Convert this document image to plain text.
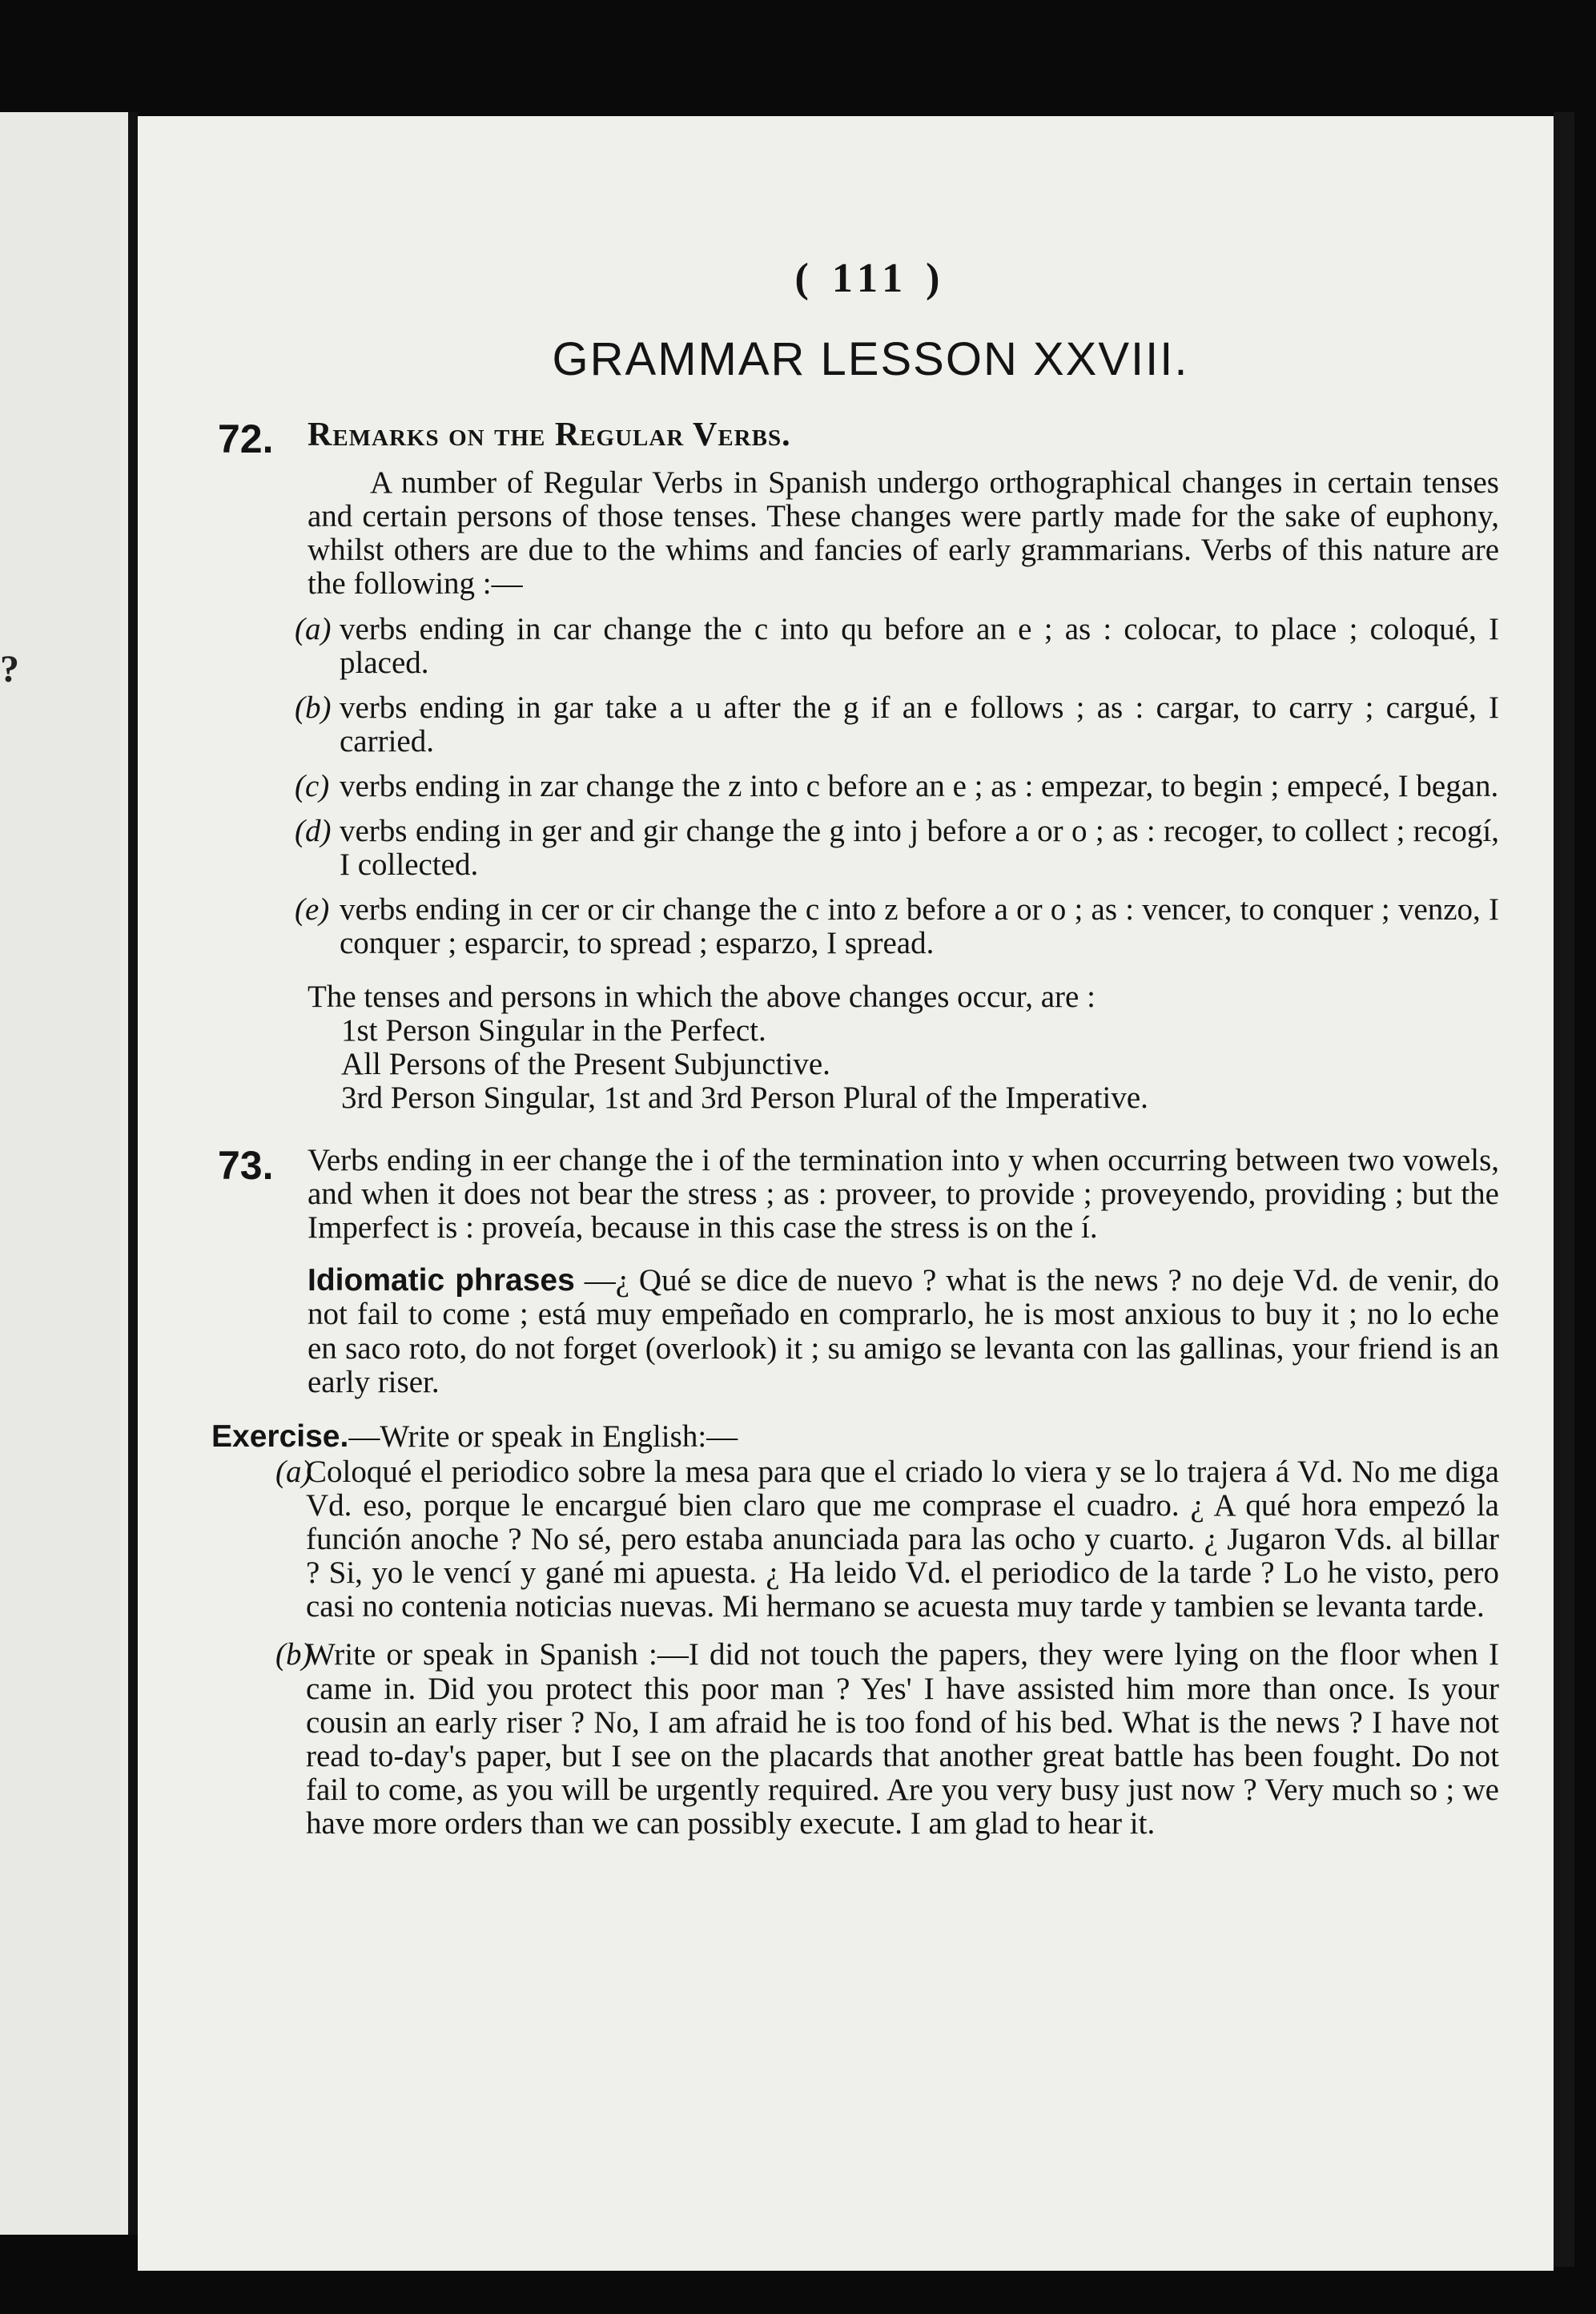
?
( 111 )
GRAMMAR LESSON XXVIII.
72. Remarks on the Regular Verbs.

A number of Regular Verbs in Spanish undergo orthographical changes in certain tenses and certain persons of those tenses. These changes were partly made for the sake of euphony, whilst others are due to the whims and fancies of early grammarians. Verbs of this nature are the following :—

(a) verbs ending in car change the c into qu before an e ; as : colocar, to place ; coloqué, I placed.
(b) verbs ending in gar take a u after the g if an e follows ; as : cargar, to carry ; cargué, I carried.
(c) verbs ending in zar change the z into c before an e ; as : empezar, to begin ; empecé, I began.
(d) verbs ending in ger and gir change the g into j before a or o ; as : recoger, to collect ; recogí, I collected.
(e) verbs ending in cer or cir change the c into z before a or o ; as : vencer, to conquer ; venzo, I conquer ; esparcir, to spread ; esparzo, I spread.

The tenses and persons in which the above changes occur, are :

1st Person Singular in the Perfect.
All Persons of the Present Subjunctive.
3rd Person Singular, 1st and 3rd Person Plural of the Imperative.
73. Verbs ending in eer change the i of the termination into y when occurring between two vowels, and when it does not bear the stress ; as : proveer, to provide ; proveyendo, providing ; but the Imperfect is : proveía, because in this case the stress is on the í.

Idiomatic phrases —¿ Qué se dice de nuevo ? what is the news ? no deje Vd. de venir, do not fail to come ; está muy empeñado en comprarlo, he is most anxious to buy it ; no lo eche en saco roto, do not forget (overlook) it ; su amigo se levanta con las gallinas, your friend is an early riser.

Exercise.—Write or speak in English:—
(a)

Coloqué el periodico sobre la mesa para que el criado lo viera y se lo trajera á Vd. No me diga Vd. eso, porque le encargué bien claro que me comprase el cuadro. ¿ A qué hora empezó la función anoche ? No sé, pero estaba anunciada para las ocho y cuarto. ¿ Jugaron Vds. al billar ? Si, yo le vencí y gané mi apuesta. ¿ Ha leido Vd. el periodico de la tarde ? Lo he visto, pero casi no contenia noticias nuevas. Mi hermano se acuesta muy tarde y tambien se levanta tarde.

(b)

Write or speak in Spanish :—I did not touch the papers, they were lying on the floor when I came in. Did you protect this poor man ? Yes' I have assisted him more than once. Is your cousin an early riser ? No, I am afraid he is too fond of his bed. What is the news ? I have not read to-day's paper, but I see on the placards that another great battle has been fought. Do not fail to come, as you will be urgently required. Are you very busy just now ? Very much so ; we have more orders than we can possibly execute. I am glad to hear it.
